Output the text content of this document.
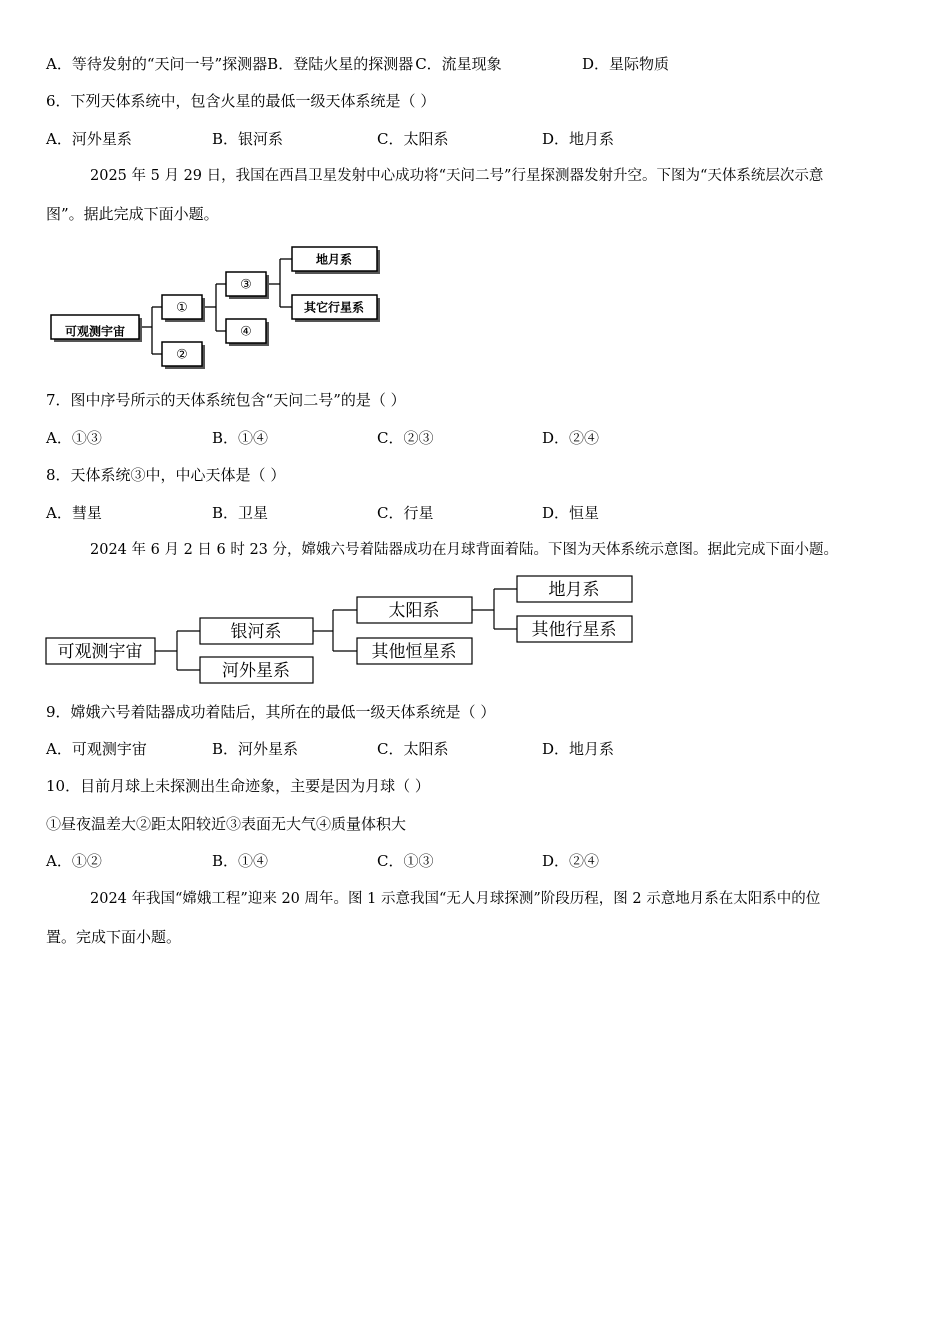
A．等待发射的“天问一号”探测器B．登陆火星的探测器 C．流星现象	D．星际物质
6．下列天体系统中，包含火星的最低一级天体系统是（ ）
A．河外星系	B．银河系	C．太阳系	D．地月系
2025 年 5 月 29 日，我国在西昌卫星发射中心成功将“天问二号”行星探测器发射升空。下图为“天体系统层次示意
图”。据此完成下面小题。
可观测宇宙
①
②
③
④
地月系
其它行星系
7．图中序号所示的天体系统包含“天问二号”的是（ ）
A．①③	B．①④	C．②③	D．②④
8．天体系统③中，中心天体是（ ）
A．彗星	B．卫星	C．行星	D．恒星
2024 年 6 月 2 日 6 时 23 分，嫦娥六号着陆器成功在月球背面着陆。下图为天体系统示意图。据此完成下面小题。
可观测宇宙
银河系
河外星系
太阳系
其他恒星系
地月系
其他行星系
9．嫦娥六号着陆器成功着陆后，其所在的最低一级天体系统是（ ）
A．可观测宇宙	B．河外星系	C．太阳系	D．地月系
10．目前月球上未探测出生命迹象，主要是因为月球（ ）
①昼夜温差大②距太阳较近③表面无大气④质量体积大
A．①②	B．①④	C．①③	D．②④
2024 年我国“嫦娥工程”迎来 20 周年。图 1 示意我国“无人月球探测”阶段历程，图 2 示意地月系在太阳系中的位
置。完成下面小题。
